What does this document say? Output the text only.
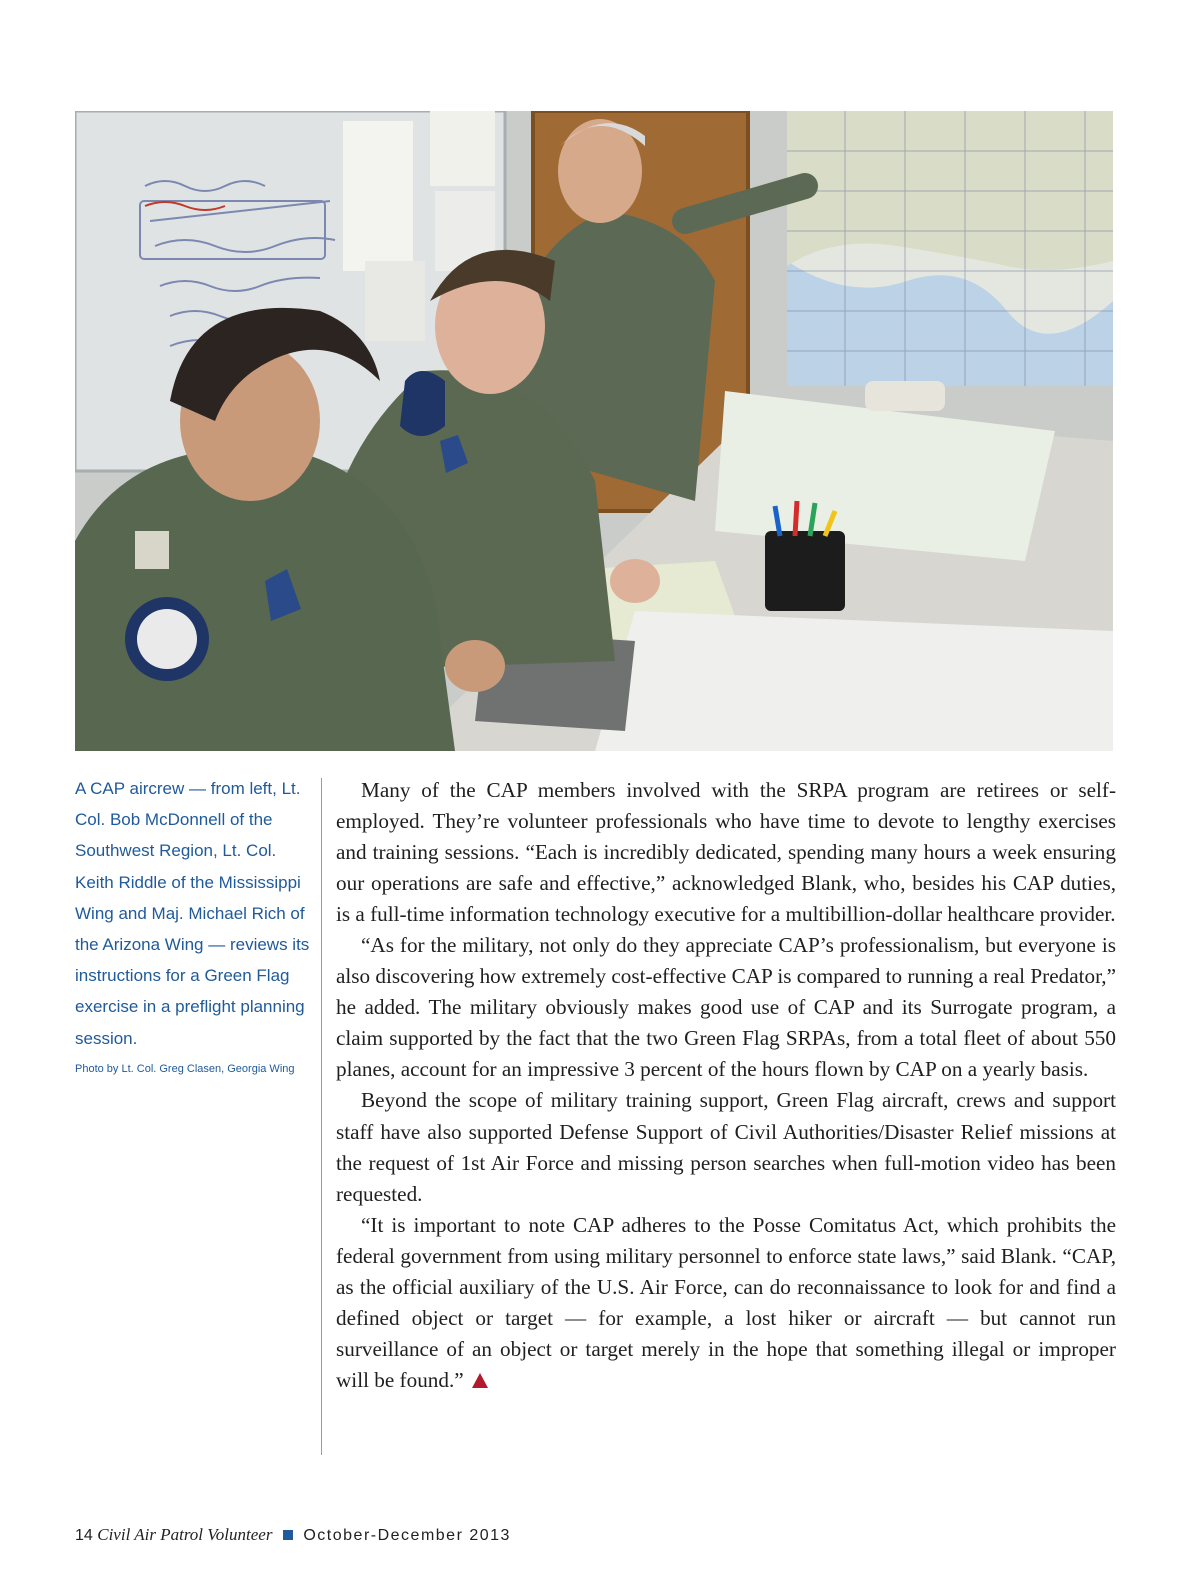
A CAP aircrew — from left, Lt. Col. Bob McDonnell of the Southwest Region, Lt. Col. Keith Riddle of the Mississippi Wing and Maj. Michael Rich of the Arizona Wing — reviews its instructions for a Green Flag exercise in a preflight planning session.

Photo by Lt. Col. Greg Clasen, Georgia Wing

Many of the CAP members involved with the SRPA program are retirees or self-employed. They’re volunteer professionals who have time to devote to lengthy exercises and training sessions. “Each is incredibly dedicated, spending many hours a week ensuring our operations are safe and effective,” acknowledged Blank, who, besides his CAP duties, is a full-time information technology executive for a multibillion-dollar healthcare provider.

“As for the military, not only do they appreciate CAP’s professionalism, but everyone is also discovering how extremely cost-effective CAP is compared to running a real Predator,” he added. The military obviously makes good use of CAP and its Surrogate program, a claim supported by the fact that the two Green Flag SRPAs, from a total fleet of about 550 planes, account for an impressive 3 percent of the hours flown by CAP on a yearly basis.

Beyond the scope of military training support, Green Flag aircraft, crews and support staff have also supported Defense Support of Civil Authorities/Disaster Relief missions at the request of 1st Air Force and missing person searches when full-motion video has been requested.

“It is important to note CAP adheres to the Posse Comitatus Act, which prohibits the federal government from using military personnel to enforce state laws,” said Blank. “CAP, as the official auxiliary of the U.S. Air Force, can do reconnaissance to look for and find a defined object or target — for example, a lost hiker or aircraft — but cannot run surveillance of an object or target merely in the hope that something illegal or improper will be found.”

14 Civil Air Patrol Volunteer October-December 2013
